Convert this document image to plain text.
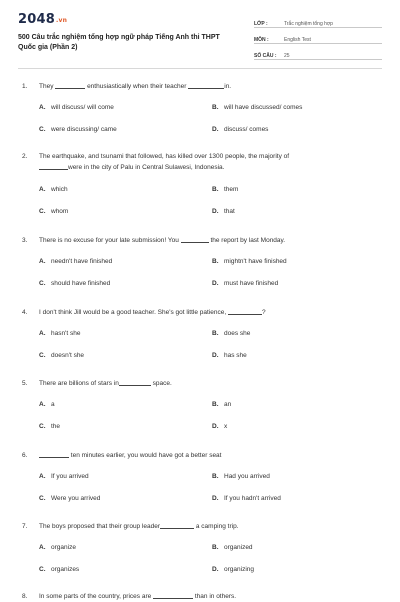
2048.vn
500 Câu trắc nghiệm tổng hợp ngữ pháp Tiếng Anh thi THPT Quốc gia (Phần 2)
LỚP :	Trắc nghiệm tổng hợp
MÔN :	English Test
SỐ CÂU :	25
1. They	enthusiastically when their teacher	in.
A. will discuss/ will come	B. will have discussed/ comes
C. were discussing/ came	D. discuss/ comes
2. The earthquake, and tsunami that followed, has killed over 1300 people, the majority of
were in the city of Palu in Central Sulawesi, Indonesia.
A. which	B. them
C. whom	D. that
3. There is no excuse for your late submission! You	the report by last Monday.
A. needn't have finished	B. mightn't have finished
C. should have finished	D. must have finished
4. I don't think Jill would be a good teacher. She's got little patience,	?
A. hasn't she	B. does she
C. doesn't she	D. has she
5. There are billions of stars in	space.
A. a	B. an
C. the	D. x
6.	ten minutes earlier, you would have got a better seat
A. If you arrived	B. Had you arrived
C. Were you arrived	D. If you hadn't arrived
7. The boys proposed that their group leader	a camping trip.
A. organize	B. organized
C. organizes	D. organizing
8. In some parts of the country, prices are	than in others.
